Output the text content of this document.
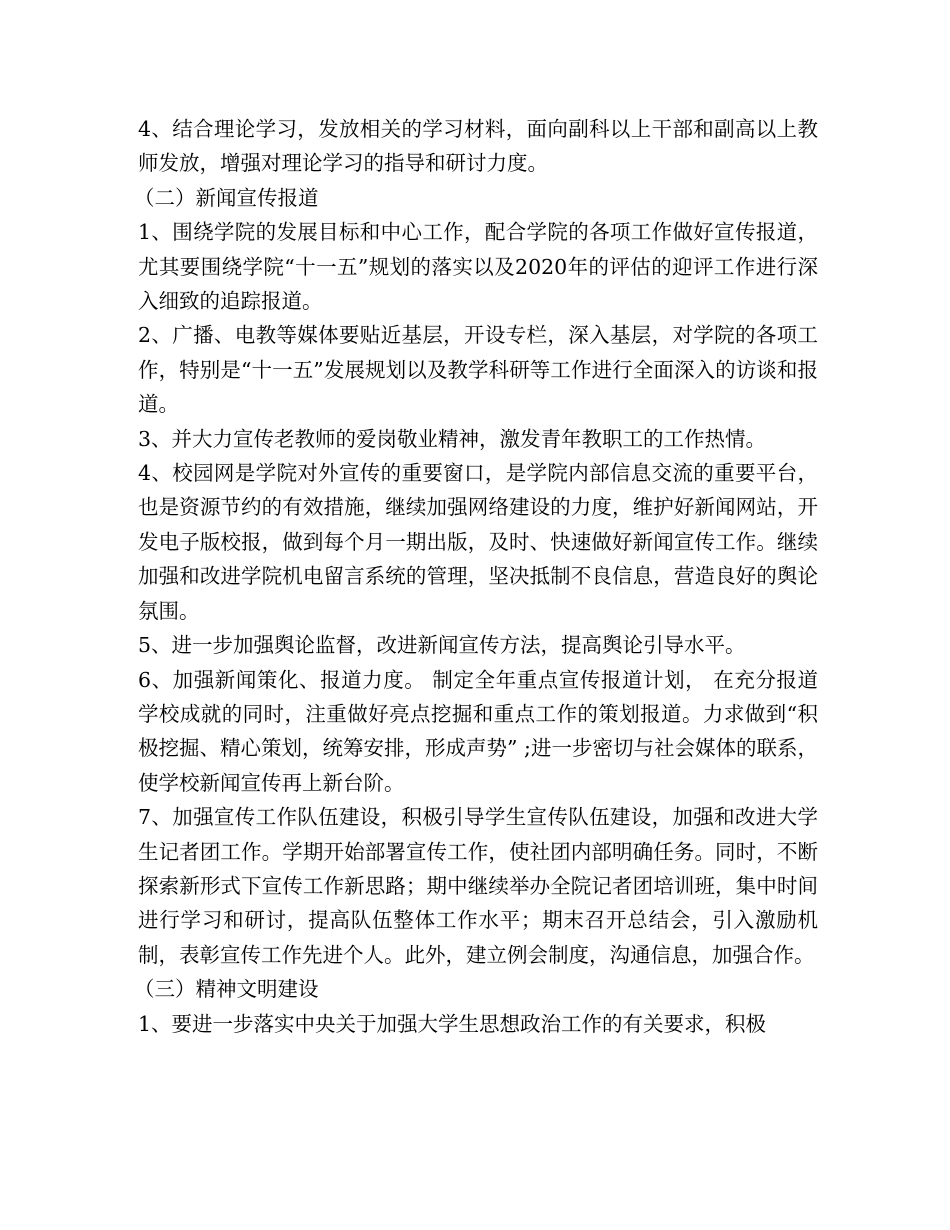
4、结合理论学习，发放相关的学习材料，面向副科以上干部和副高以上教师发放，增强对理论学习的指导和研讨力度。

（二）新闻宣传报道

1、围绕学院的发展目标和中心工作，配合学院的各项工作做好宣传报道，尤其要围绕学院“十一五”规划的落实以及2020年的评估的迎评工作进行深入细致的追踪报道。

2、广播、电教等媒体要贴近基层，开设专栏，深入基层，对学院的各项工作，特别是“十一五”发展规划以及教学科研等工作进行全面深入的访谈和报道。

3、并大力宣传老教师的爱岗敬业精神，激发青年教职工的工作热情。

4、校园网是学院对外宣传的重要窗口，是学院内部信息交流的重要平台，也是资源节约的有效措施，继续加强网络建设的力度，维护好新闻网站，开发电子版校报，做到每个月一期出版，及时、快速做好新闻宣传工作。继续加强和改进学院机电留言系统的管理，坚决抵制不良信息，营造良好的舆论氛围。

5、进一步加强舆论监督，改进新闻宣传方法，提高舆论引导水平。

6、加强新闻策化、报道力度。 制定全年重点宣传报道计划， 在充分报道学校成就的同时，注重做好亮点挖掘和重点工作的策划报道。力求做到“积极挖掘、精心策划，统筹安排，形成声势” ;进一步密切与社会媒体的联系，使学校新闻宣传再上新台阶。

7、加强宣传工作队伍建设，积极引导学生宣传队伍建设，加强和改进大学生记者团工作。学期开始部署宣传工作，使社团内部明确任务。同时，不断探索新形式下宣传工作新思路；期中继续举办全院记者团培训班，集中时间进行学习和研讨，提高队伍整体工作水平；期末召开总结会，引入激励机制，表彰宣传工作先进个人。此外，建立例会制度，沟通信息，加强合作。

（三）精神文明建设

1、要进一步落实中央关于加强大学生思想政治工作的有关要求，积极
